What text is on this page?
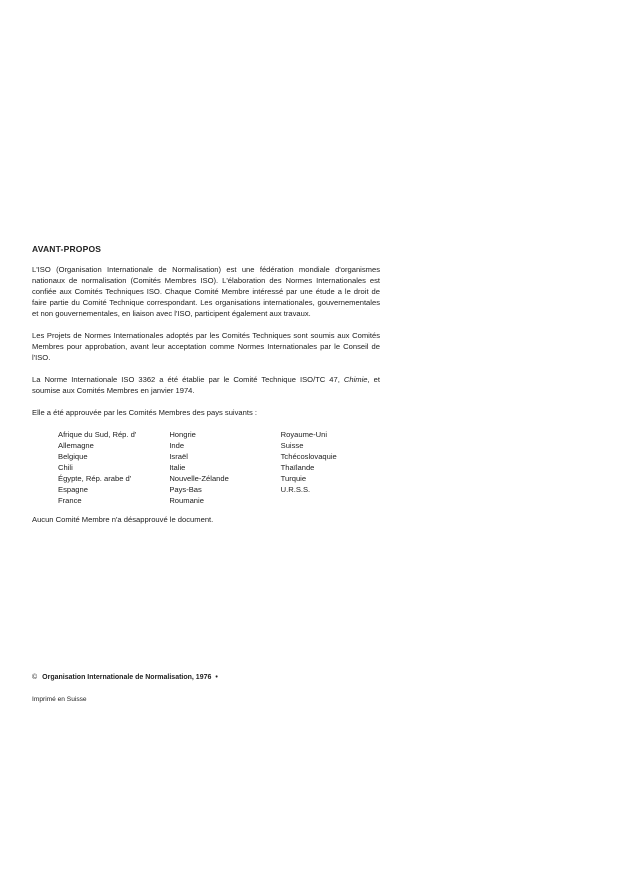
AVANT-PROPOS

L'ISO (Organisation Internationale de Normalisation) est une fédération mondiale d'organismes nationaux de normalisation (Comités Membres ISO). L'élaboration des Normes Internationales est confiée aux Comités Techniques ISO. Chaque Comité Membre intéressé par une étude a le droit de faire partie du Comité Technique correspondant. Les organisations internationales, gouvernementales et non gouvernementales, en liaison avec l'ISO, participent également aux travaux.

Les Projets de Normes Internationales adoptés par les Comités Techniques sont soumis aux Comités Membres pour approbation, avant leur acceptation comme Normes Internationales par le Conseil de l'ISO.

La Norme Internationale ISO 3362 a été établie par le Comité Technique ISO/TC 47, Chimie, et soumise aux Comités Membres en janvier 1974.

Elle a été approuvée par les Comités Membres des pays suivants :

Afrique du Sud, Rép. d'
Allemagne
Belgique
Chili
Égypte, Rép. arabe d'
Espagne
France
Hongrie
Inde
Israël
Italie
Nouvelle-Zélande
Pays-Bas
Roumanie
Royaume-Uni
Suisse
Tchécoslovaquie
Thaïlande
Turquie
U.R.S.S.

Aucun Comité Membre n'a désapprouvé le document.

© Organisation Internationale de Normalisation, 1976 •
Imprimé en Suisse
